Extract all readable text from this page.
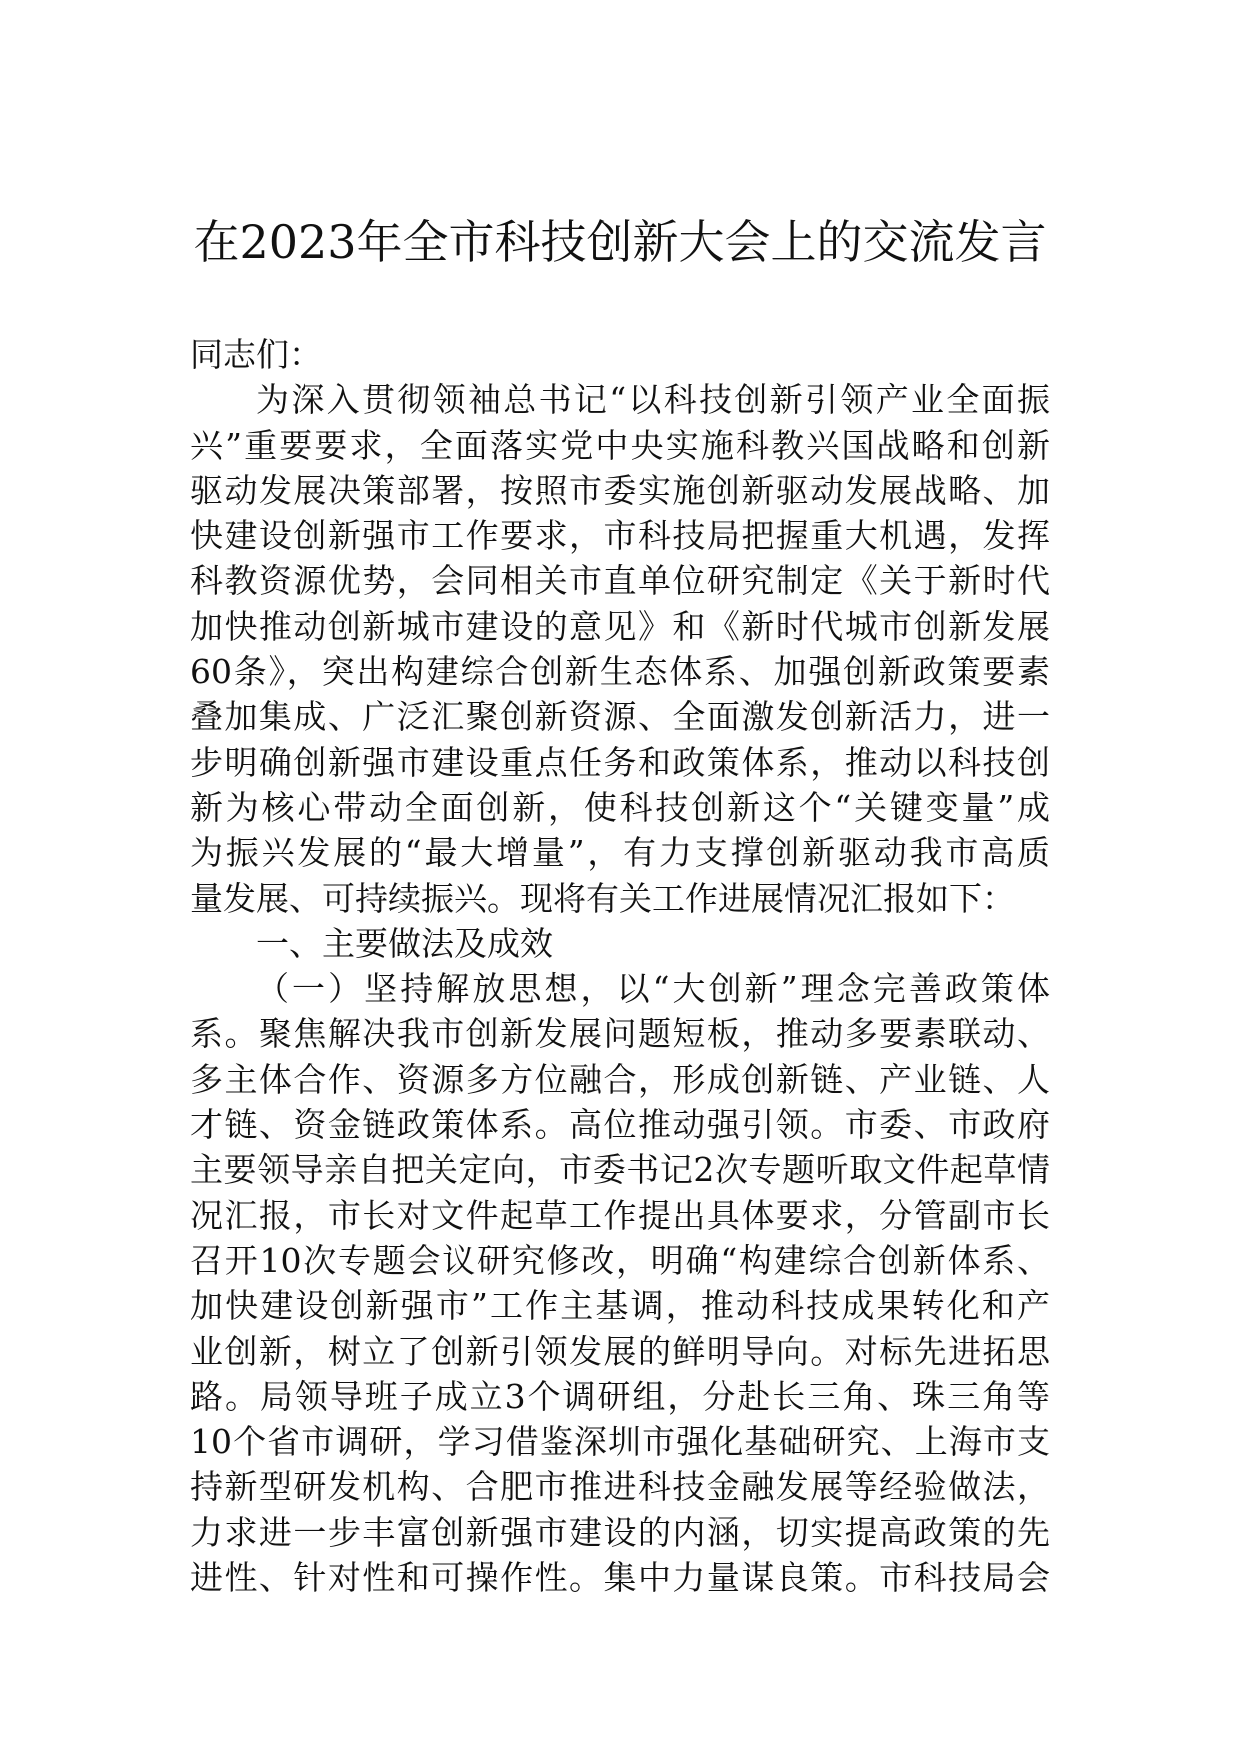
在2023年全市科技创新大会上的交流发言
同志们：
为深入贯彻领袖总书记“以科技创新引领产业全面振
兴”重要要求，全面落实党中央实施科教兴国战略和创新
驱动发展决策部署，按照市委实施创新驱动发展战略、加
快建设创新强市工作要求，市科技局把握重大机遇，发挥
科教资源优势，会同相关市直单位研究制定《关于新时代
加快推动创新城市建设的意见》和《新时代城市创新发展
60条》，突出构建综合创新生态体系、加强创新政策要素
叠加集成、广泛汇聚创新资源、全面激发创新活力，进一
步明确创新强市建设重点任务和政策体系，推动以科技创
新为核心带动全面创新，使科技创新这个“关键变量”成
为振兴发展的“最大增量”，有力支撑创新驱动我市高质
量发展、可持续振兴。现将有关工作进展情况汇报如下：
一、主要做法及成效
（一）坚持解放思想，以“大创新”理念完善政策体
系。聚焦解决我市创新发展问题短板，推动多要素联动、
多主体合作、资源多方位融合，形成创新链、产业链、人
才链、资金链政策体系。高位推动强引领。市委、市政府
主要领导亲自把关定向，市委书记2次专题听取文件起草情
况汇报，市长对文件起草工作提出具体要求，分管副市长
召开10次专题会议研究修改，明确“构建综合创新体系、
加快建设创新强市”工作主基调，推动科技成果转化和产
业创新，树立了创新引领发展的鲜明导向。对标先进拓思
路。局领导班子成立3个调研组，分赴长三角、珠三角等
10个省市调研，学习借鉴深圳市强化基础研究、上海市支
持新型研发机构、合肥市推进科技金融发展等经验做法，
力求进一步丰富创新强市建设的内涵，切实提高政策的先
进性、针对性和可操作性。集中力量谋良策。市科技局会
